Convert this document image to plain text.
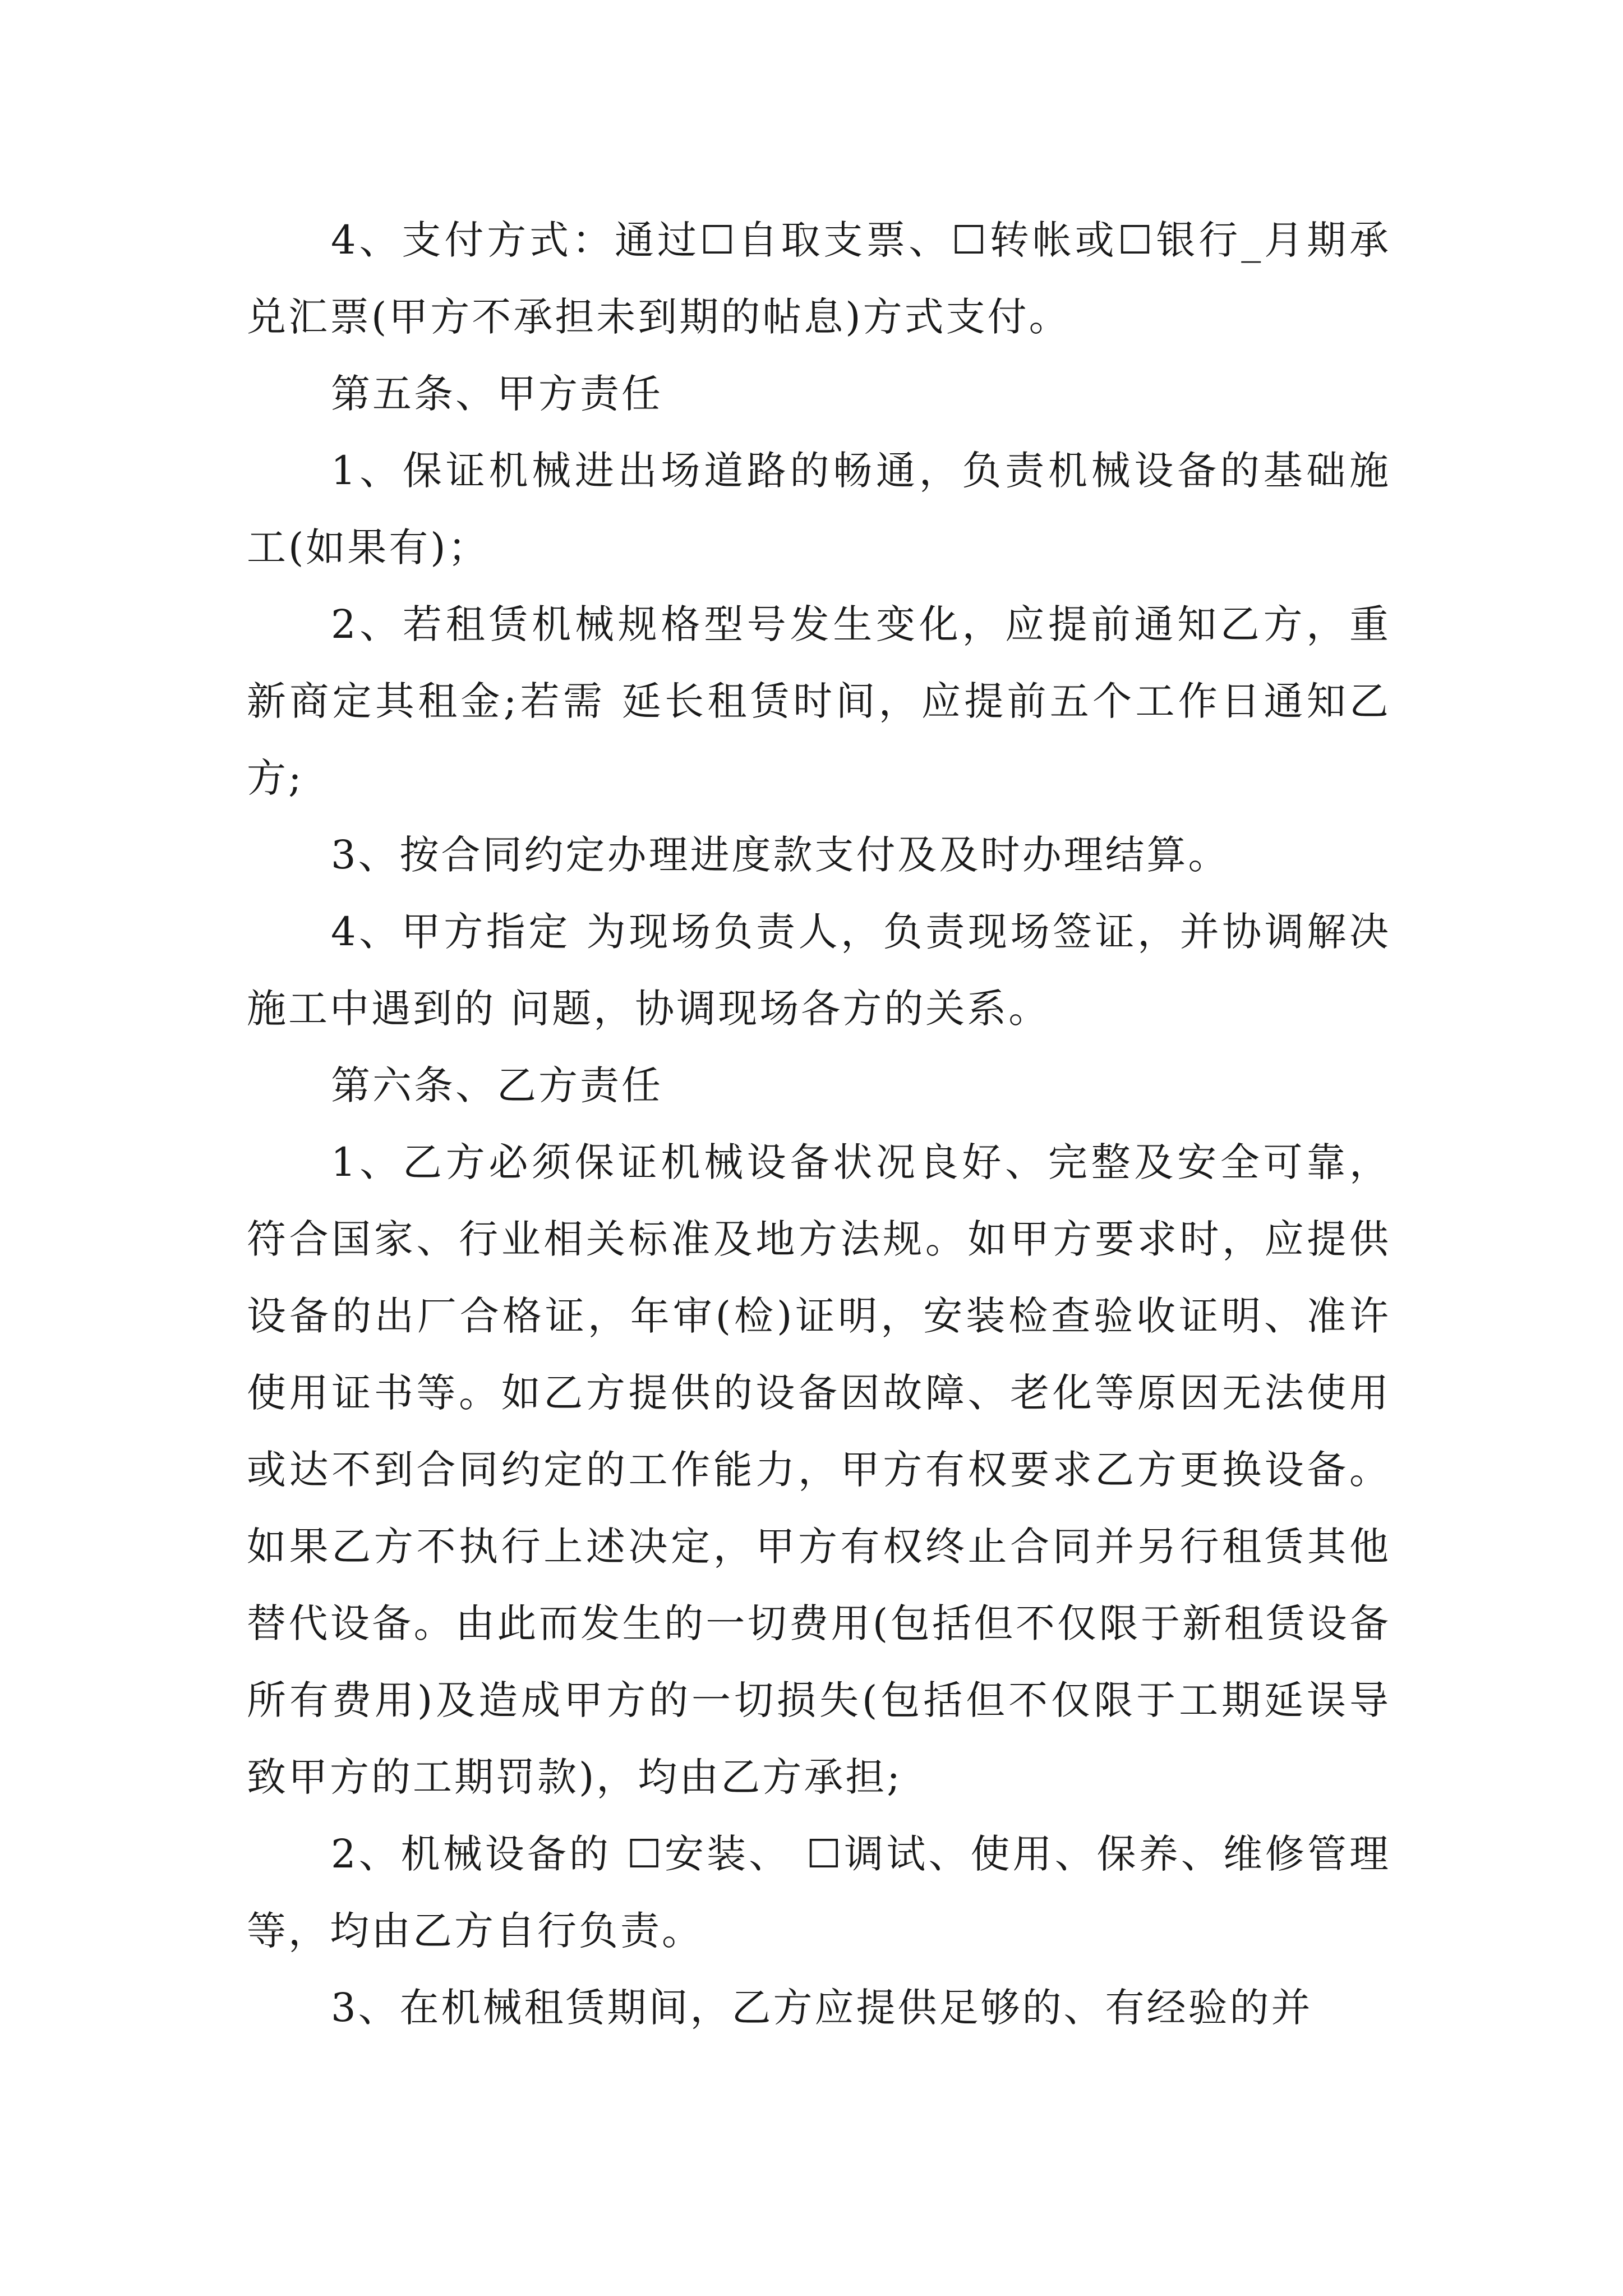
4、支付方式：通过☐自取支票、☐转帐或☐银行_月期承兑汇票(甲方不承担未到期的帖息)方式支付。

第五条、甲方责任

1、保证机械进出场道路的畅通，负责机械设备的基础施工(如果有)；

2、若租赁机械规格型号发生变化，应提前通知乙方，重新商定其租金;若需 延长租赁时间，应提前五个工作日通知乙方;

3、按合同约定办理进度款支付及及时办理结算。

4、甲方指定 为现场负责人，负责现场签证，并协调解决施工中遇到的 问题，协调现场各方的关系。

第六条、乙方责任

1、乙方必须保证机械设备状况良好、完整及安全可靠，符合国家、行业相关标准及地方法规。如甲方要求时，应提供设备的出厂合格证，年审(检)证明，安装检查验收证明、准许使用证书等。如乙方提供的设备因故障、老化等原因无法使用或达不到合同约定的工作能力，甲方有权要求乙方更换设备。如果乙方不执行上述决定，甲方有权终止合同并另行租赁其他替代设备。由此而发生的一切费用(包括但不仅限于新租赁设备所有费用)及造成甲方的一切损失(包括但不仅限于工期延误导致甲方的工期罚款)，均由乙方承担;

2、机械设备的 ☐安装、 ☐调试、使用、保养、维修管理等，均由乙方自行负责。

3、在机械租赁期间，乙方应提供足够的、有经验的并
